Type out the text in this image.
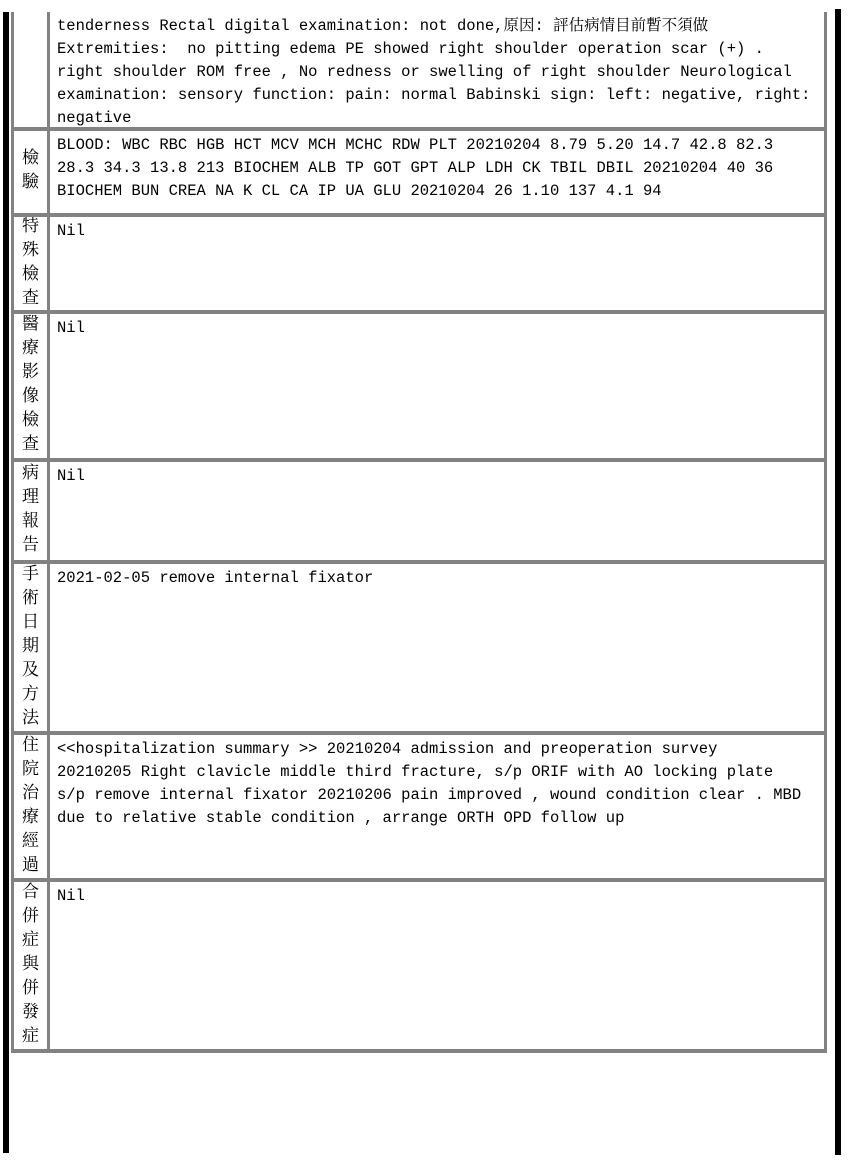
tenderness Rectal digital examination: not done,原因: 評估病情目前暫不須做
Extremities:  no pitting edema PE showed right shoulder operation scar (+) .
right shoulder ROM free , No redness or swelling of right shoulder Neurological
examination: sensory function: pain: normal Babinski sign: left: negative, right:
negative
檢
驗
BLOOD: WBC RBC HGB HCT MCV MCH MCHC RDW PLT 20210204 8.79 5.20 14.7 42.8 82.3
28.3 34.3 13.8 213 BIOCHEM ALB TP GOT GPT ALP LDH CK TBIL DBIL 20210204 40 36
BIOCHEM BUN CREA NA K CL CA IP UA GLU 20210204 26 1.10 137 4.1 94
特
殊
檢
查
Nil
醫
療
影
像
檢
查
Nil
病
理
報
告
Nil
手
術
日
期
及
方
法
2021-02-05 remove internal fixator
住
院
治
療
經
過
<<hospitalization summary >> 20210204 admission and preoperation survey
20210205 Right clavicle middle third fracture, s/p ORIF with AO locking plate
s/p remove internal fixator 20210206 pain improved , wound condition clear . MBD
due to relative stable condition , arrange ORTH OPD follow up
合
併
症
與
併
發
症
Nil
